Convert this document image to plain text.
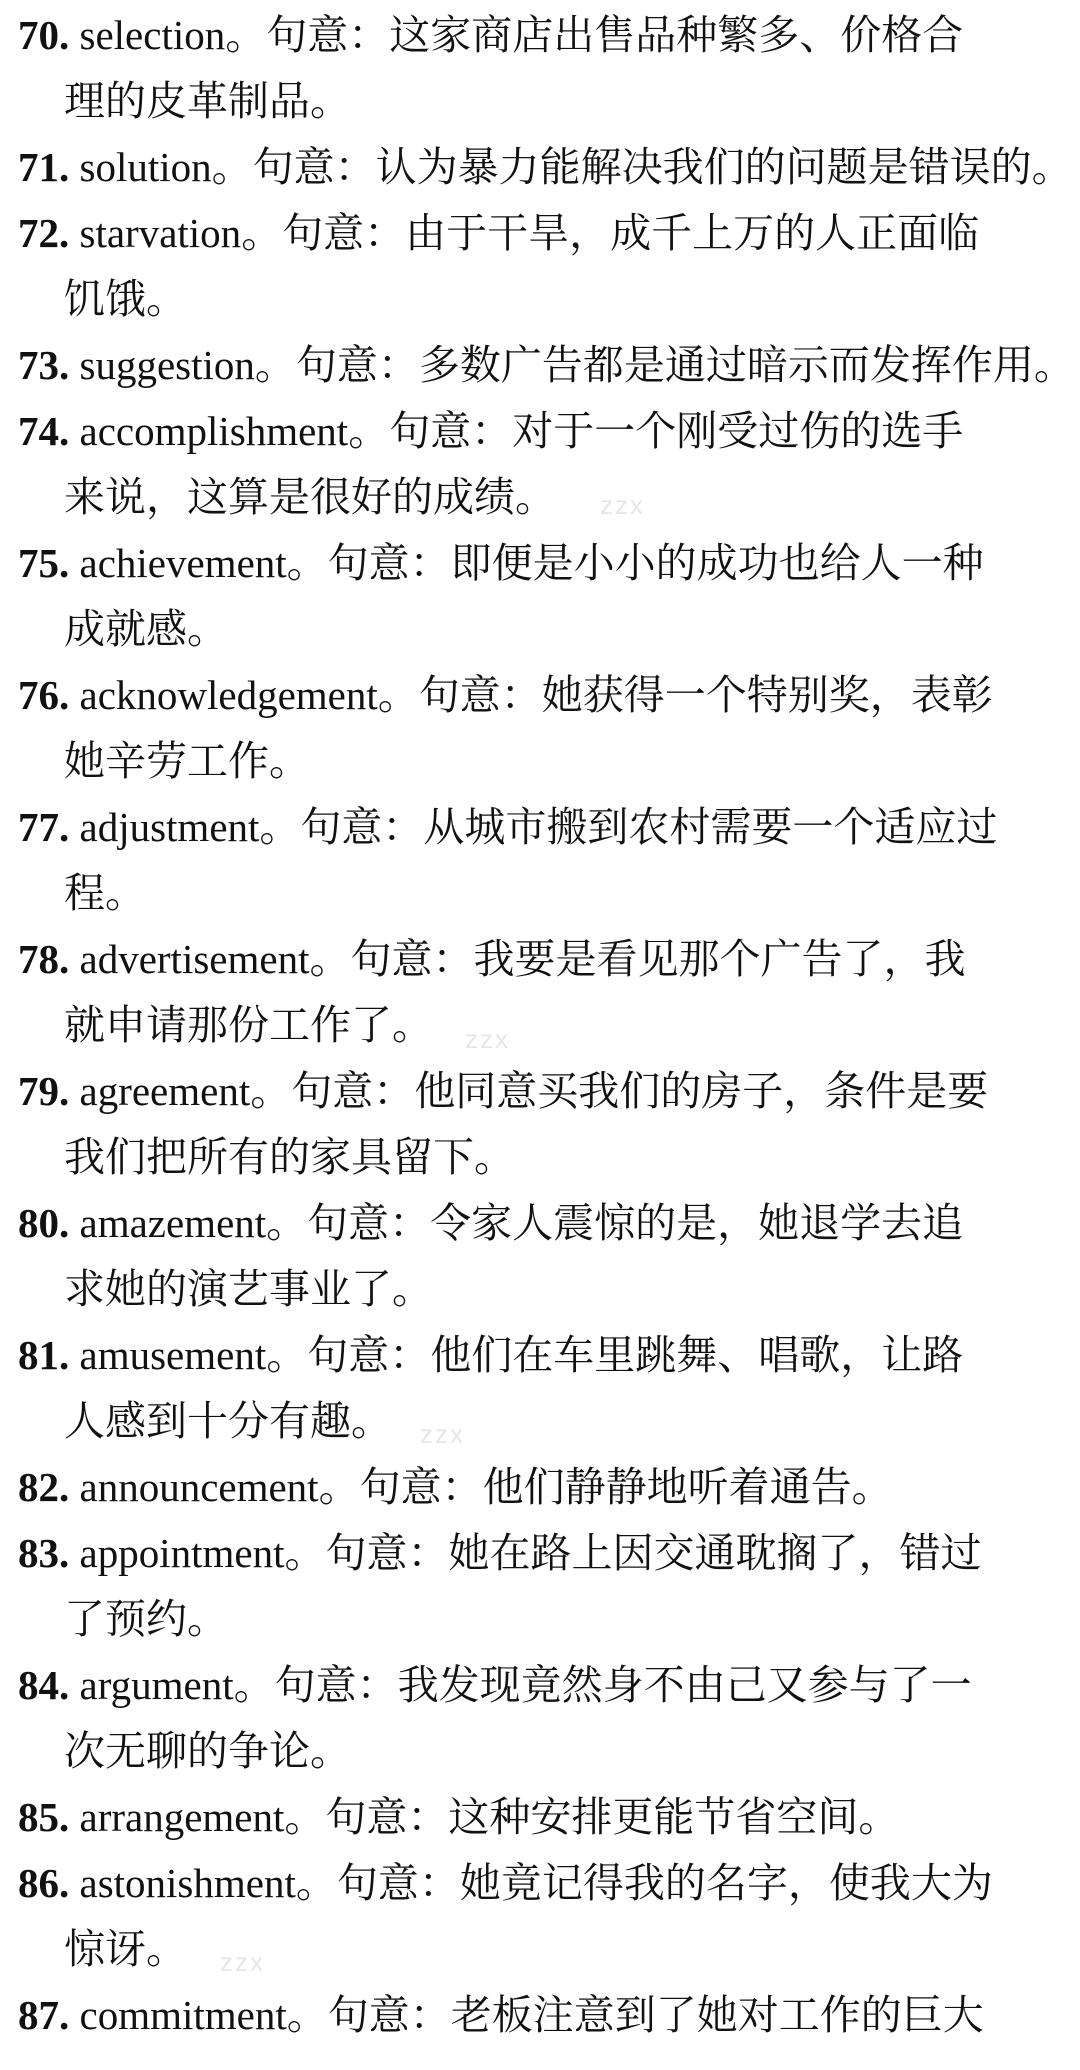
70. selection。句意：这家商店出售品种繁多、价格合
理的皮革制品。
71. solution。句意：认为暴力能解决我们的问题是错误的。
72. starvation。句意：由于干旱，成千上万的人正面临
饥饿。
73. suggestion。句意：多数广告都是通过暗示而发挥作用。
74. accomplishment。句意：对于一个刚受过伤的选手
来说，这算是很好的成绩。
75. achievement。句意：即便是小小的成功也给人一种
成就感。
76. acknowledgement。句意：她获得一个特别奖，表彰
她辛劳工作。
77. adjustment。句意：从城市搬到农村需要一个适应过
程。
78. advertisement。句意：我要是看见那个广告了，我
就申请那份工作了。
79. agreement。句意：他同意买我们的房子，条件是要
我们把所有的家具留下。
80. amazement。句意：令家人震惊的是，她退学去追
求她的演艺事业了。
81. amusement。句意：他们在车里跳舞、唱歌，让路
人感到十分有趣。
82. announcement。句意：他们静静地听着通告。
83. appointment。句意：她在路上因交通耽搁了，错过
了预约。
84. argument。句意：我发现竟然身不由己又参与了一
次无聊的争论。
85. arrangement。句意：这种安排更能节省空间。
86. astonishment。句意：她竟记得我的名字，使我大为
惊讶。
87. commitment。句意：老板注意到了她对工作的巨大
zzx
zzx
zzx
zzx
